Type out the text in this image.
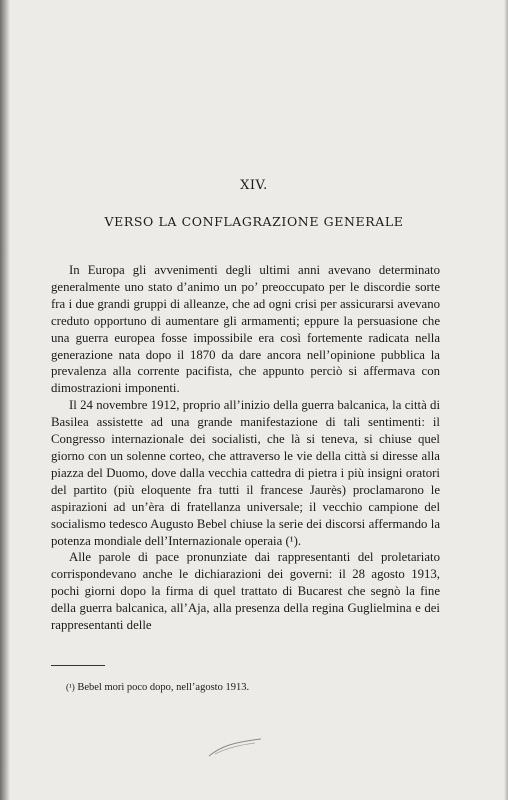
XIV.
VERSO LA CONFLAGRAZIONE GENERALE

In Europa gli avvenimenti degli ultimi anni avevano determinato generalmente uno stato d’animo un po’ preoccupato per le discordie sorte fra i due grandi gruppi di alleanze, che ad ogni crisi per assicurarsi avevano creduto opportuno di aumentare gli armamenti; eppure la persuasione che una guerra europea fosse impossibile era così fortemente radicata nella generazione nata dopo il 1870 da dare ancora nell’opinione pubblica la prevalenza alla corrente pacifista, che appunto perciò si affermava con dimostrazioni imponenti.

Il 24 novembre 1912, proprio all’inizio della guerra balcanica, la città di Basilea assistette ad una grande manifestazione di tali sentimenti: il Congresso internazionale dei socialisti, che là si teneva, si chiuse quel giorno con un solenne corteo, che attraverso le vie della città si diresse alla piazza del Duomo, dove dalla vecchia cattedra di pietra i più insigni oratori del partito (più eloquente fra tutti il francese Jaurès) proclamarono le aspirazioni ad un’èra di fratellanza universale; il vecchio campione del socialismo tedesco Augusto Bebel chiuse la serie dei discorsi affermando la potenza mondiale dell’Internazionale operaia (¹).

Alle parole di pace pronunziate dai rappresentanti del proletariato corrispondevano anche le dichiarazioni dei governi: il 28 agosto 1913, pochi giorni dopo la firma di quel trattato di Bucarest che segnò la fine della guerra balcanica, all’Aja, alla presenza della regina Guglielmina e dei rappresentanti delle

(¹) Bebel morì poco dopo, nell’agosto 1913.
